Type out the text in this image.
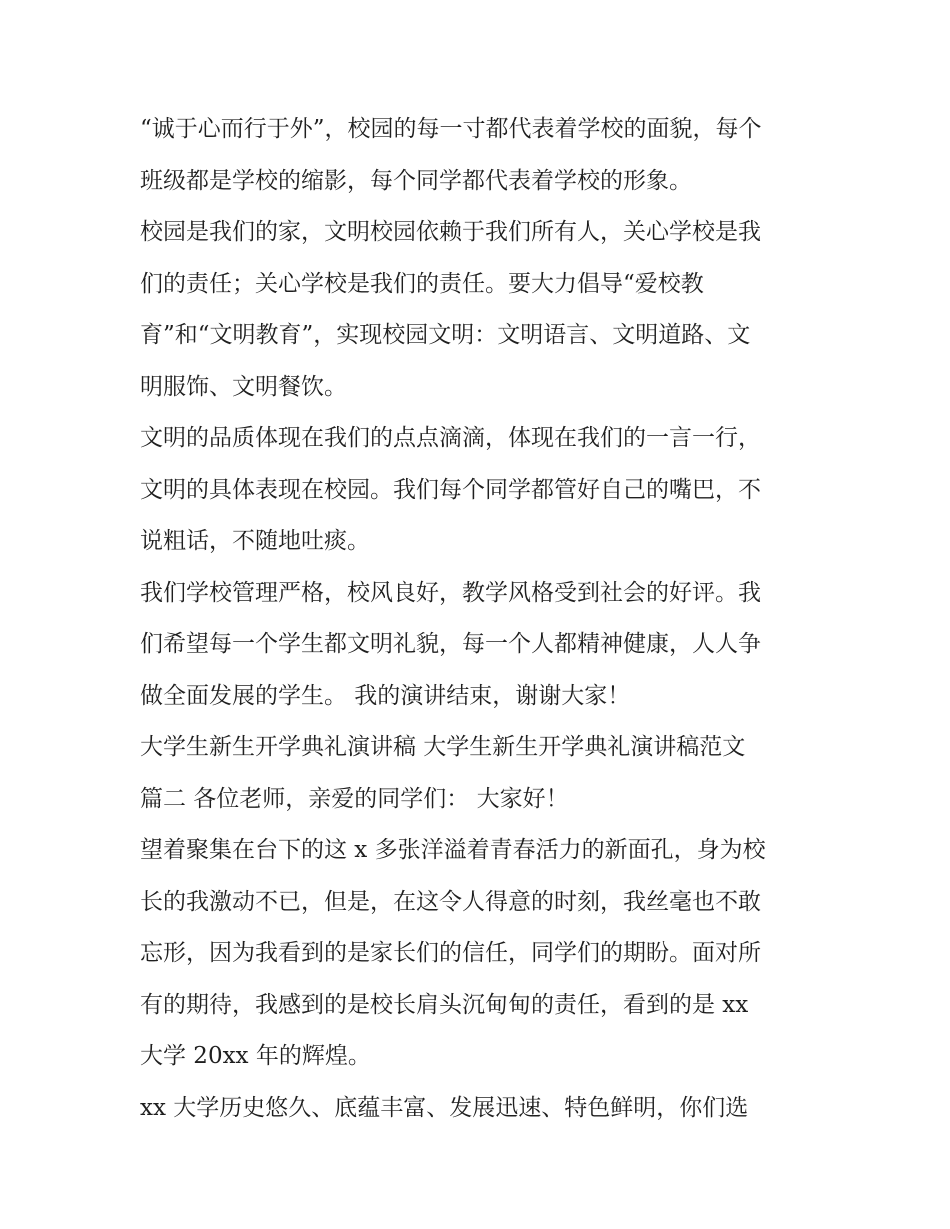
“诚于心而行于外”，校园的每一寸都代表着学校的面貌，每个
班级都是学校的缩影，每个同学都代表着学校的形象。
校园是我们的家，文明校园依赖于我们所有人，关心学校是我
们的责任；关心学校是我们的责任。要大力倡导“爱校教
育”和“文明教育”，实现校园文明：文明语言、文明道路、文
明服饰、文明餐饮。
文明的品质体现在我们的点点滴滴，体现在我们的一言一行，
文明的具体表现在校园。我们每个同学都管好自己的嘴巴，不
说粗话，不随地吐痰。
我们学校管理严格，校风良好，教学风格受到社会的好评。我
们希望每一个学生都文明礼貌，每一个人都精神健康，人人争
做全面发展的学生。 我的演讲结束，谢谢大家！
大学生新生开学典礼演讲稿 大学生新生开学典礼演讲稿范文
篇二 各位老师，亲爱的同学们： 大家好！
望着聚集在台下的这 x 多张洋溢着青春活力的新面孔，身为校
长的我激动不已，但是，在这令人得意的时刻，我丝毫也不敢
忘形，因为我看到的是家长们的信任，同学们的期盼。面对所
有的期待，我感到的是校长肩头沉甸甸的责任，看到的是 xx
大学 20xx 年的辉煌。
xx 大学历史悠久、底蕴丰富、发展迅速、特色鲜明，你们选
